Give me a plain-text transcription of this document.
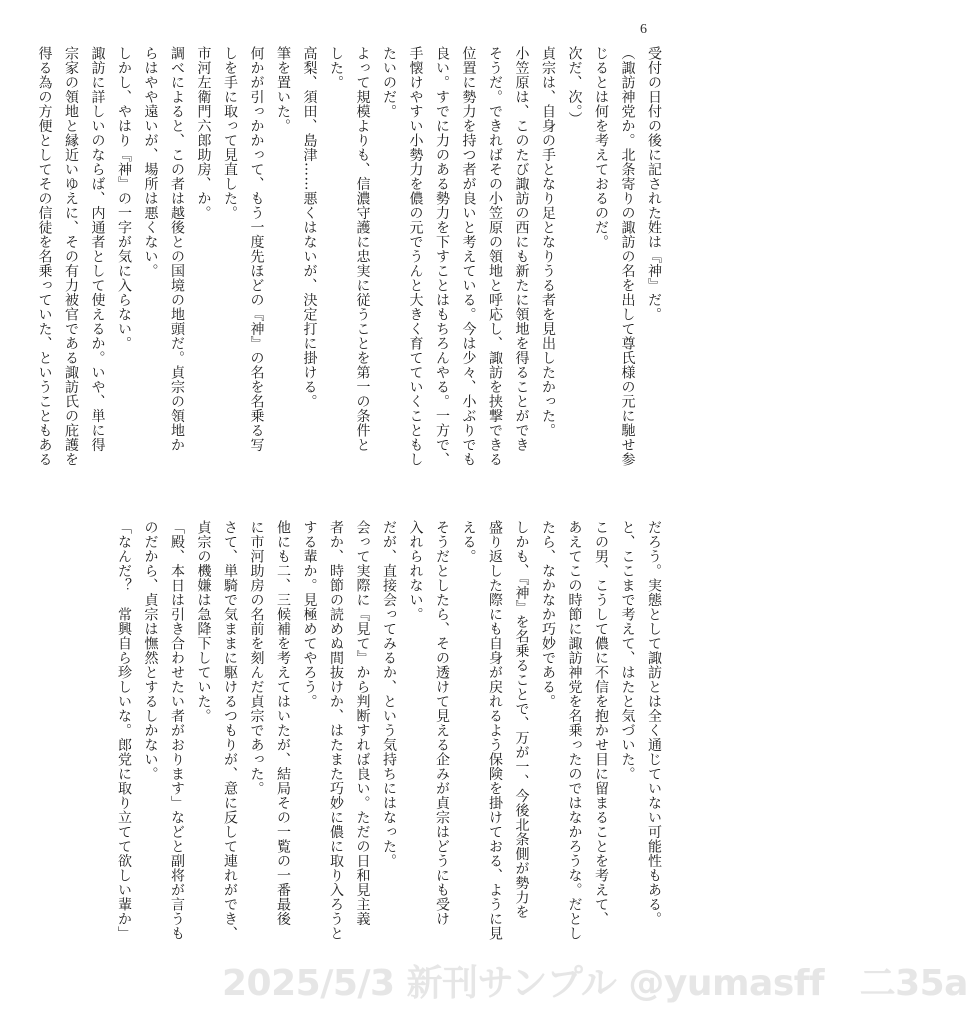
6
受付の日付の後に記された姓は『神』だ。
（諏訪神党か。北条寄りの諏訪の名を出して尊氏様の元に馳せ参
じるとは何を考えておるのだ。
次だ、次。）
貞宗は、自身の手となり足となりうる者を見出したかった。
小笠原は、このたび諏訪の西にも新たに領地を得ることができ
そうだ。できればその小笠原の領地と呼応し、諏訪を挟撃できる
位置に勢力を持つ者が良いと考えている。今は少々、小ぶりでも
良い。すでに力のある勢力を下すことはもちろんやる。一方で、
手懐けやすい小勢力を儂の元でうんと大きく育てていくこともし
たいのだ。
よって規模よりも、信濃守護に忠実に従うことを第一の条件と
した。
高梨、須田、島津……悪くはないが、決定打に掛ける。
筆を置いた。
何かが引っかかって、もう一度先ほどの『神』の名を名乗る写
しを手に取って見直した。
市河左衛門六郎助房、か。
調べによると、この者は越後との国境の地頭だ。貞宗の領地か
らはやや遠いが、場所は悪くない。
しかし、やはり『神』の一字が気に入らない。
諏訪に詳しいのならば、内通者として使えるか。いや、単に得
宗家の領地と縁近いゆえに、その有力被官である諏訪氏の庇護を
得る為の方便としてその信徒を名乗っていた、ということもある
だろう。実態として諏訪とは全く通じていない可能性もある。
と、ここまで考えて、はたと気づいた。
この男、こうして儂に不信を抱かせ目に留まることを考えて、
あえてこの時節に諏訪神党を名乗ったのではなかろうな。だとし
たら、なかなか巧妙である。
しかも、『神』を名乗ることで、万が一、今後北条側が勢力を
盛り返した際にも自身が戻れるよう保険を掛けておる、ように見
える。
そうだとしたら、その透けて見える企みが貞宗はどうにも受け
入れられない。
だが、直接会ってみるか、という気持ちにはなった。
会って実際に『見て』から判断すれば良い。ただの日和見主義
者か、時節の読めぬ間抜けか、はたまた巧妙に儂に取り入ろうと
する輩か。見極めてやろう。
他にも二、三候補を考えてはいたが、結局その一覧の一番最後
に市河助房の名前を刻んだ貞宗であった。
さて、単騎で気ままに駆けるつもりが、意に反して連れができ、
貞宗の機嫌は急降下していた。
「殿、本日は引き合わせたい者がおります」などと副将が言うも
のだから、貞宗は憮然とするしかない。
「なんだ？　常興自ら珍しいな。郎党に取り立てて欲しい輩か」
2025/5/3 新刊サンプル @yumasff　二35a
